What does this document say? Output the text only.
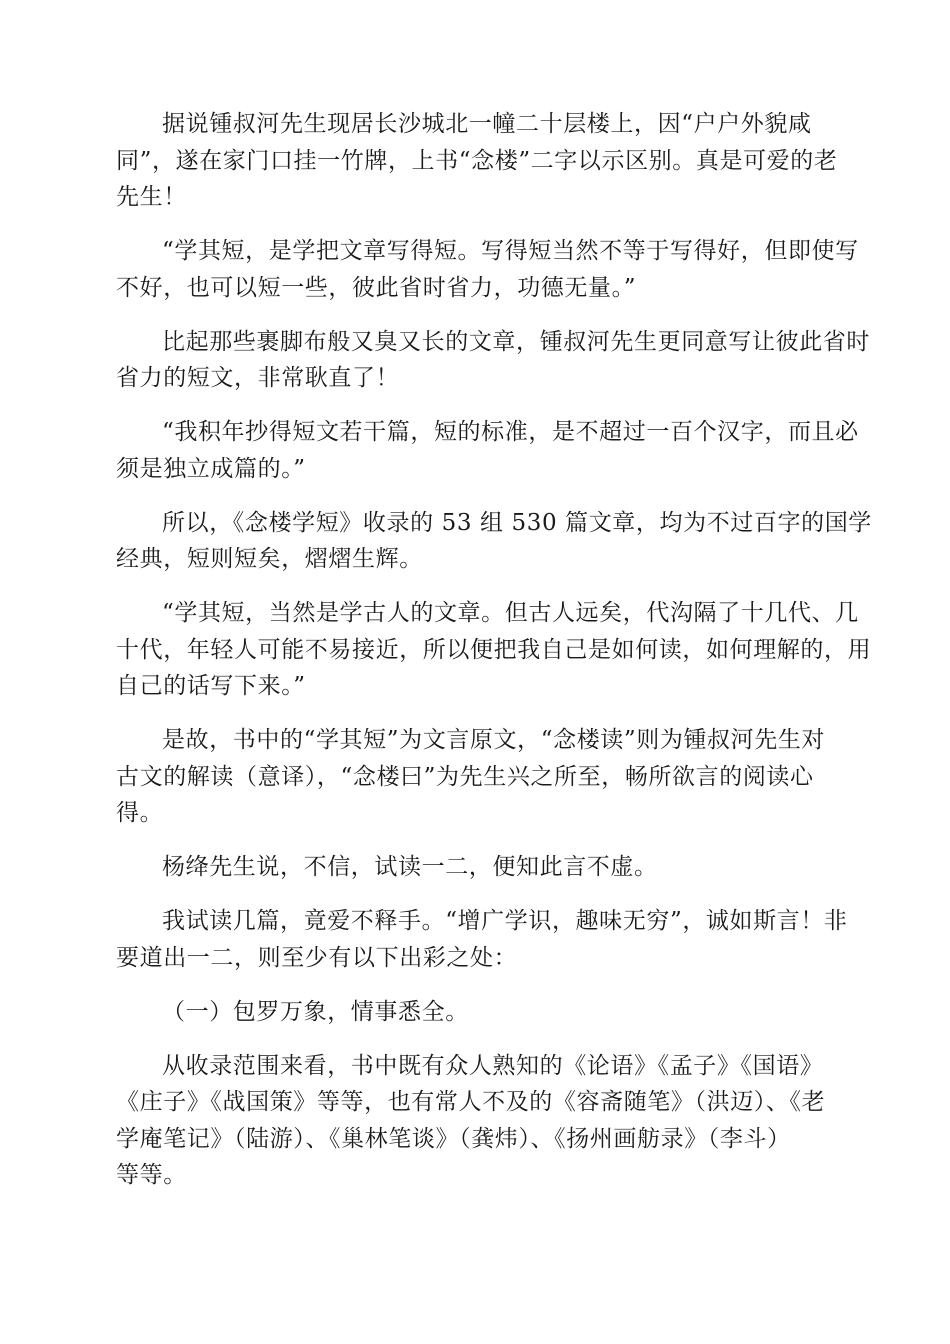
据说锺叔河先生现居长沙城北一幢二十层楼上，因“户户外貌咸
同”，遂在家门口挂一竹牌，上书“念楼”二字以示区别。真是可爱的老
先生！

“学其短，是学把文章写得短。写得短当然不等于写得好，但即使写
不好，也可以短一些，彼此省时省力，功德无量。”

比起那些裹脚布般又臭又长的文章，锺叔河先生更同意写让彼此省时
省力的短文，非常耿直了！

“我积年抄得短文若干篇，短的标准，是不超过一百个汉字，而且必
须是独立成篇的。”

所以，《念楼学短》收录的 53 组 530 篇文章，均为不过百字的国学
经典，短则短矣，熠熠生辉。

“学其短，当然是学古人的文章。但古人远矣，代沟隔了十几代、几
十代，年轻人可能不易接近，所以便把我自己是如何读，如何理解的，用
自己的话写下来。”

是故，书中的“学其短”为文言原文，“念楼读”则为锺叔河先生对
古文的解读（意译），“念楼曰”为先生兴之所至，畅所欲言的阅读心
得。

杨绛先生说，不信，试读一二，便知此言不虚。

我试读几篇，竟爱不释手。“增广学识，趣味无穷”，诚如斯言！非
要道出一二，则至少有以下出彩之处：

（一）包罗万象，情事悉全。

从收录范围来看，书中既有众人熟知的《论语》《孟子》《国语》
《庄子》《战国策》等等，也有常人不及的《容斋随笔》（洪迈）、《老
学庵笔记》（陆游）、《巢林笔谈》（龚炜）、《扬州画舫录》（李斗）
等等。
